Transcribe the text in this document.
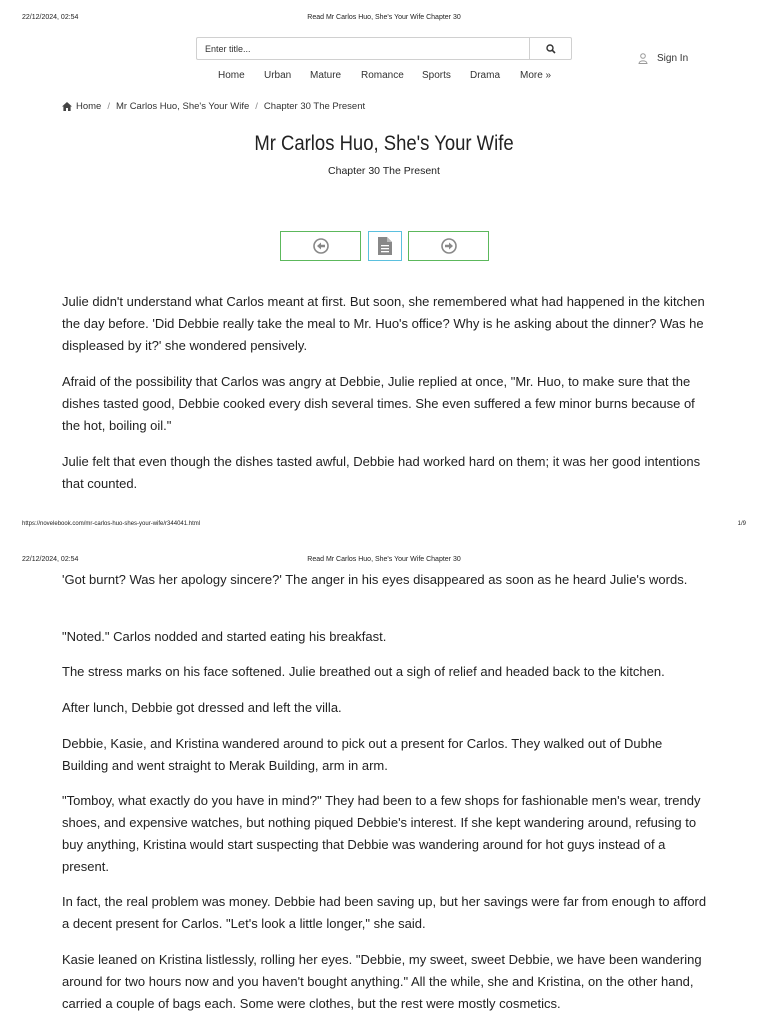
22/12/2024, 02:54	Read Mr Carlos Huo, She's Your Wife Chapter 30
Enter title...
Sign In
Home Urban Mature Romance Sports Drama More »
Home / Mr Carlos Huo, She's Your Wife / Chapter 30 The Present
Mr Carlos Huo, She's Your Wife
Chapter 30 The Present

Julie didn't understand what Carlos meant at first. But soon, she remembered what had happened in the kitchen the day before. 'Did Debbie really take the meal to Mr. Huo's office? Why is he asking about the dinner? Was he displeased by it?' she wondered pensively.

Afraid of the possibility that Carlos was angry at Debbie, Julie replied at once, "Mr. Huo, to make sure that the dishes tasted good, Debbie cooked every dish several times. She even suffered a few minor burns because of the hot, boiling oil."

Julie felt that even though the dishes tasted awful, Debbie had worked hard on them; it was her good intentions that counted.

https://novelebook.com/mr-carlos-huo-shes-your-wife/r344041.html	1/9
22/12/2024, 02:54	Read Mr Carlos Huo, She's Your Wife Chapter 30

'Got burnt? Was her apology sincere?' The anger in his eyes disappeared as soon as he heard Julie's words.

"Noted." Carlos nodded and started eating his breakfast.

The stress marks on his face softened. Julie breathed out a sigh of relief and headed back to the kitchen.

After lunch, Debbie got dressed and left the villa.

Debbie, Kasie, and Kristina wandered around to pick out a present for Carlos. They walked out of Dubhe Building and went straight to Merak Building, arm in arm.

"Tomboy, what exactly do you have in mind?" They had been to a few shops for fashionable men's wear, trendy shoes, and expensive watches, but nothing piqued Debbie's interest. If she kept wandering around, refusing to buy anything, Kristina would start suspecting that Debbie was wandering around for hot guys instead of a present.

In fact, the real problem was money. Debbie had been saving up, but her savings were far from enough to afford a decent present for Carlos. "Let's look a little longer," she said.

Kasie leaned on Kristina listlessly, rolling her eyes. "Debbie, my sweet, sweet Debbie, we have been wandering around for two hours now and you haven't bought anything." All the while, she and Kristina, on the other hand, carried a couple of bags each. Some were clothes, but the rest were mostly cosmetics.
